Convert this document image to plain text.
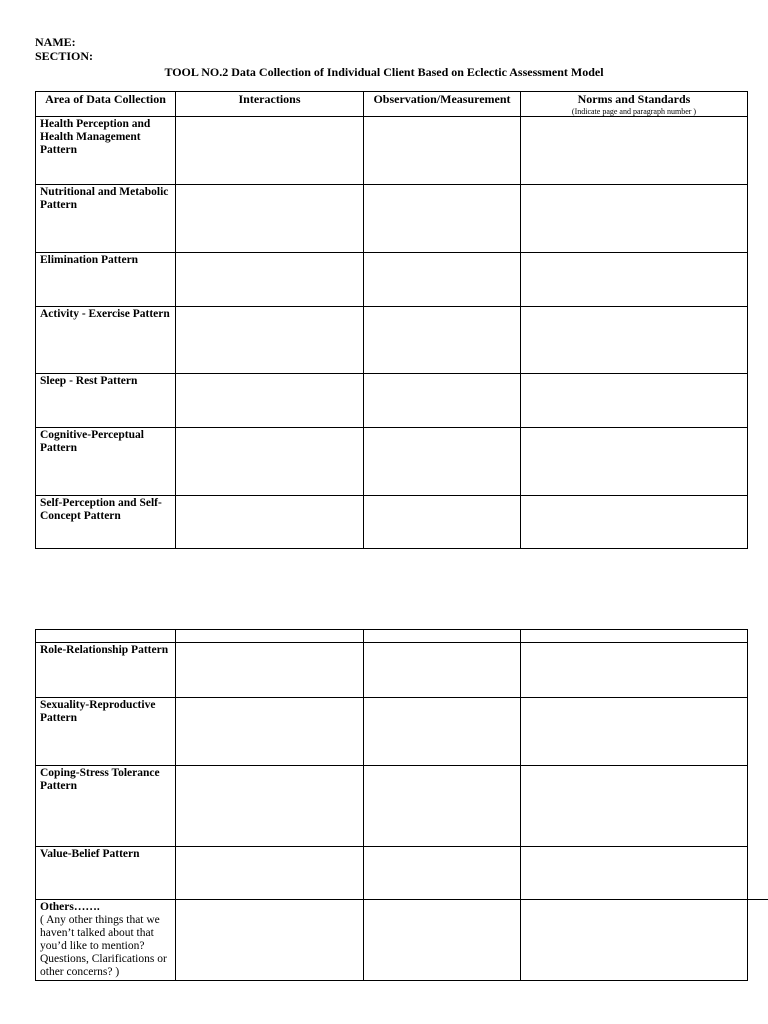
NAME:
SECTION:
TOOL NO.2 Data Collection of Individual Client Based on Eclectic Assessment Model
Area of Data Collection	Interactions	Observation/Measurement	Norms and Standards
(Indicate page and paragraph number )

Health Perception and Health Management Pattern			
Nutritional and Metabolic Pattern			
Elimination Pattern			
Activity - Exercise Pattern			
Sleep - Rest Pattern			
Cognitive-Perceptual Pattern			
Self-Perception and Self-Concept Pattern			

Role-Relationship Pattern			
Sexuality-Reproductive Pattern			
Coping-Stress Tolerance Pattern			
Value-Belief Pattern			

Others…….
( Any other things that we haven’t talked about that you’d like to mention? Questions, Clarifications or other concerns? )			
